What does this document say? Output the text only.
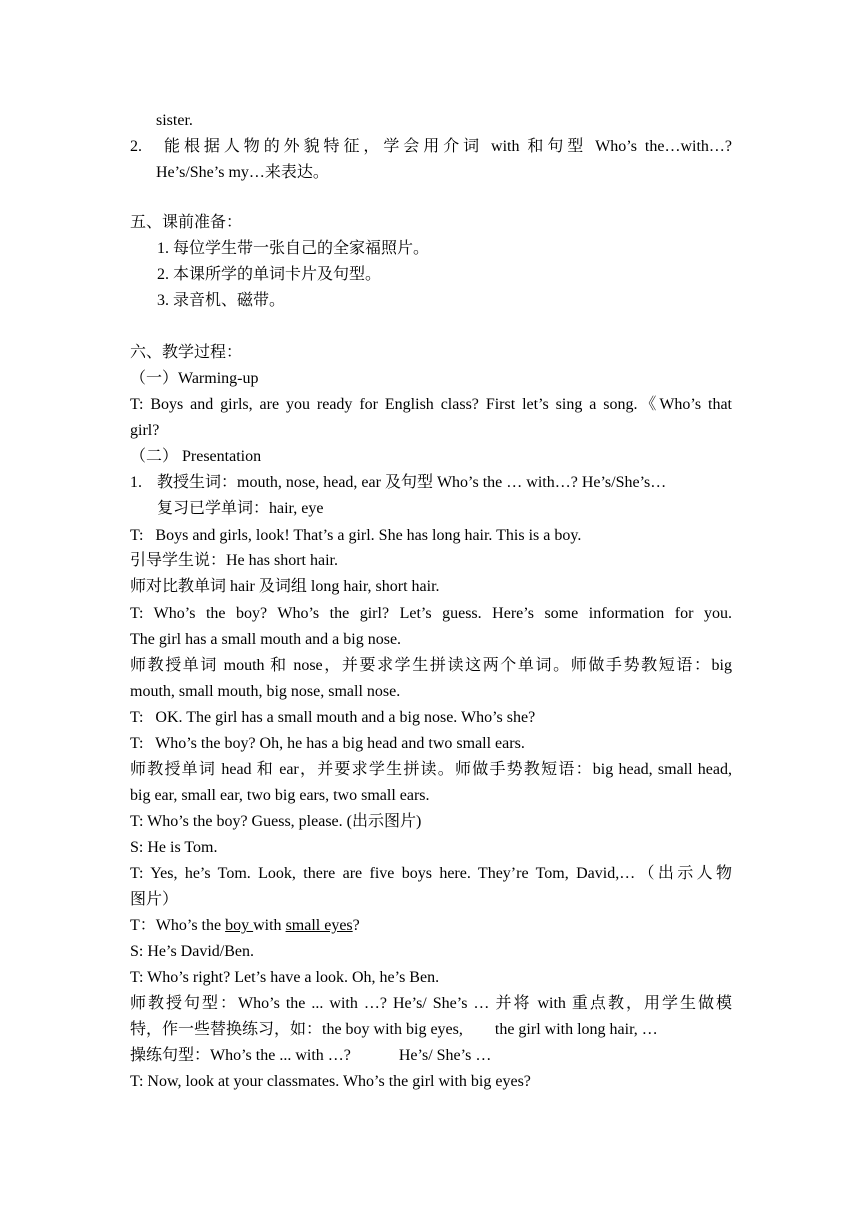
sister.
2. 能根据人物的外貌特征，学会用介词 with 和句型 Who’s the…with…?
He’s/She’s my…来表达。
五、课前准备：
1. 每位学生带一张自己的全家福照片。
2. 本课所学的单词卡片及句型。
3. 录音机、磁带。
六、教学过程：
（一）Warming-up
T: Boys and girls, are you ready for English class? First let’s sing a song.《Who’s that
girl?
（二） Presentation
1. 教授生词：mouth, nose, head, ear 及句型 Who’s the … with…? He’s/She’s…
复习已学单词：hair, eye
T:   Boys and girls, look! That’s a girl. She has long hair. This is a boy.
引导学生说：He has short hair.
师对比教单词 hair 及词组 long hair, short hair.
T: Who’s the boy? Who’s the girl? Let’s guess. Here’s some information for you.
The girl has a small mouth and a big nose.
师教授单词 mouth 和 nose，并要求学生拼读这两个单词。师做手势教短语：big
mouth, small mouth, big nose, small nose.
T:   OK. The girl has a small mouth and a big nose. Who’s she?
T:   Who’s the boy? Oh, he has a big head and two small ears.
师教授单词 head 和 ear，并要求学生拼读。师做手势教短语：big head, small head,
big ear, small ear, two big ears, two small ears.
T: Who’s the boy? Guess, please. (出示图片)
S: He is Tom.
T: Yes, he’s Tom. Look, there are five boys here. They’re Tom, David,…（出示人物
图片）
T：Who’s the boy with small eyes?
S: He’s David/Ben.
T: Who’s right? Let’s have a look. Oh, he’s Ben.
师教授句型：Who’s the ... with …? He’s/ She’s … 并将 with 重点教，用学生做模
特，作一些替换练习，如：the boy with big eyes,        the girl with long hair, …
操练句型：Who’s the ... with …?            He’s/ She’s …
T: Now, look at your classmates. Who’s the girl with big eyes?
